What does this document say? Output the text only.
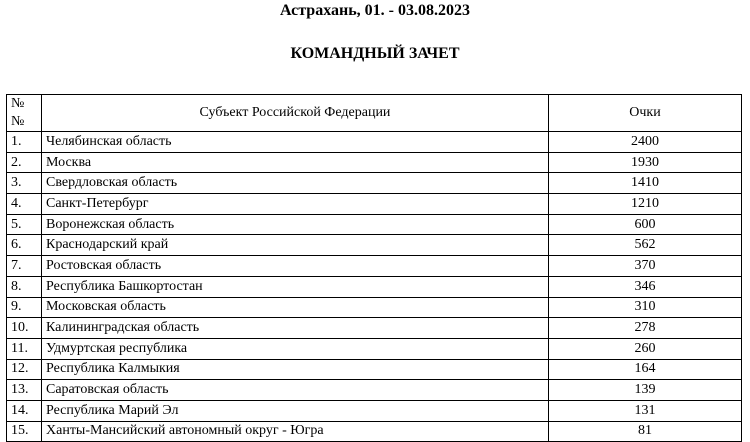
Астрахань, 01. - 03.08.2023
КОМАНДНЫЙ ЗАЧЕТ
№№	Субъект Российской Федерации	Очки
1.	Челябинская область	2400
2.	Москва	1930
3.	Свердловская область	1410
4.	Санкт-Петербург	1210
5.	Воронежская область	600
6.	Краснодарский край	562
7.	Ростовская область	370
8.	Республика Башкортостан	346
9.	Московская область	310
10.	Калининградская область	278
11.	Удмуртская республика	260
12.	Республика Калмыкия	164
13.	Саратовская область	139
14.	Республика Марий Эл	131
15.	Ханты-Мансийский автономный округ - Югра	81
